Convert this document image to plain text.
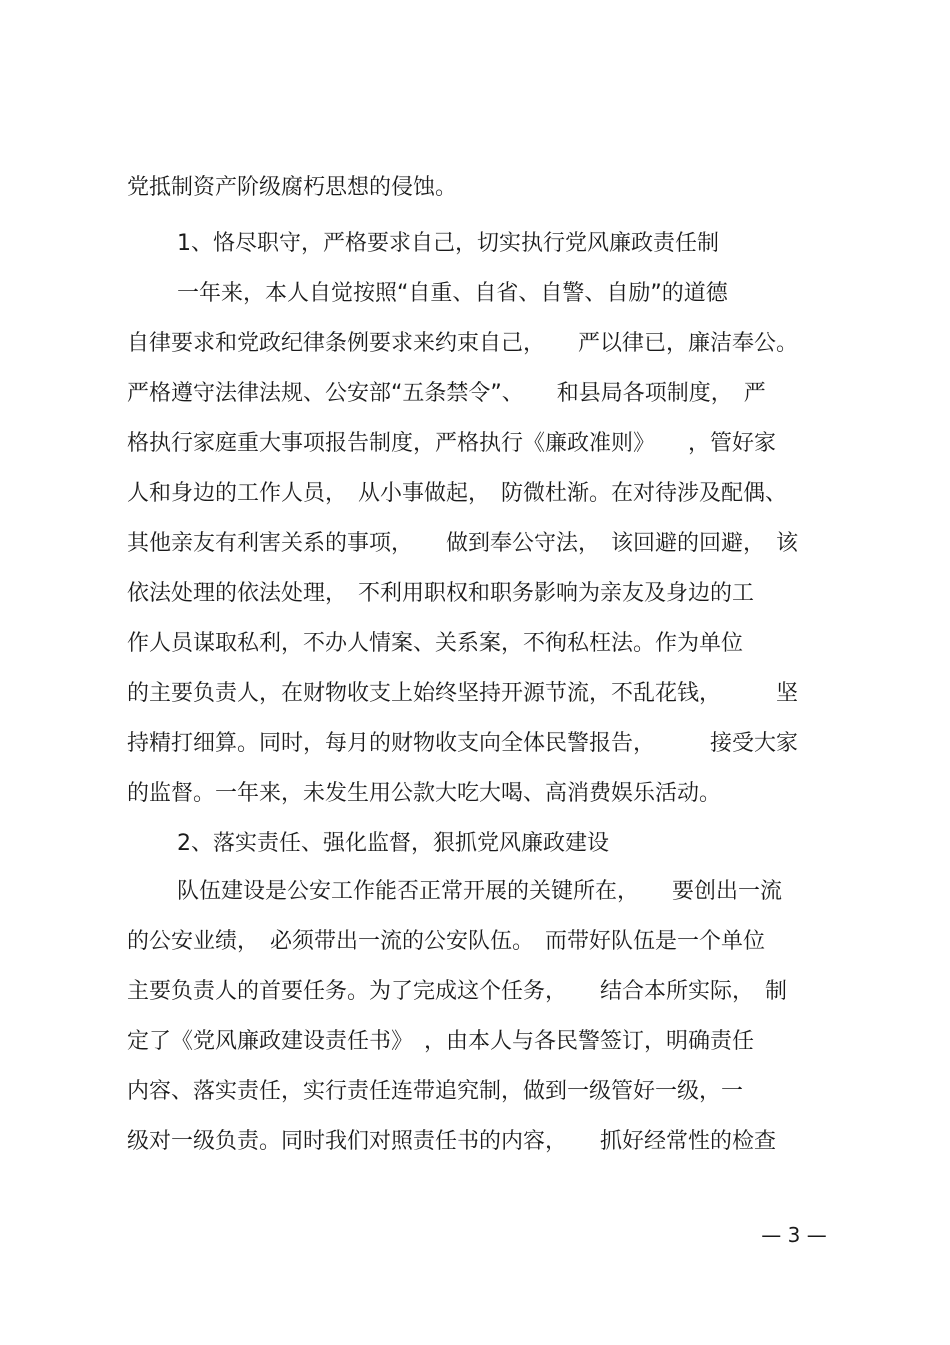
党抵制资产阶级腐朽思想的侵蚀。
1、恪尽职守，严格要求自己，切实执行党风廉政责任制
一年来，本人自觉按照“自重、自省、自警、自励”的道德
自律要求和党政纪律条例要求来约束自己，　　严以律已，廉洁奉公。
严格遵守法律法规、公安部“五条禁令”、　　和县局各项制度，　严
格执行家庭重大事项报告制度，严格执行《廉政准则》　　，管好家
人和身边的工作人员，　从小事做起，　防微杜渐。在对待涉及配偶、
其他亲友有利害关系的事项，　　做到奉公守法，　该回避的回避，　该
依法处理的依法处理，　不利用职权和职务影响为亲友及身边的工
作人员谋取私利，不办人情案、关系案，不徇私枉法。作为单位
的主要负责人，在财物收支上始终坚持开源节流，不乱花钱，　　　坚
持精打细算。同时，每月的财物收支向全体民警报告，　　　接受大家
的监督。一年来，未发生用公款大吃大喝、高消费娱乐活动。
2、落实责任、强化监督，狠抓党风廉政建设
队伍建设是公安工作能否正常开展的关键所在，　　要创出一流
的公安业绩，　必须带出一流的公安队伍。　而带好队伍是一个单位
主要负责人的首要任务。为了完成这个任务，　　结合本所实际，　制
定了《党风廉政建设责任书》　，由本人与各民警签订，明确责任
内容、落实责任，实行责任连带追究制，做到一级管好一级，一
级对一级负责。同时我们对照责任书的内容，　　抓好经常性的检查
— 3 —
